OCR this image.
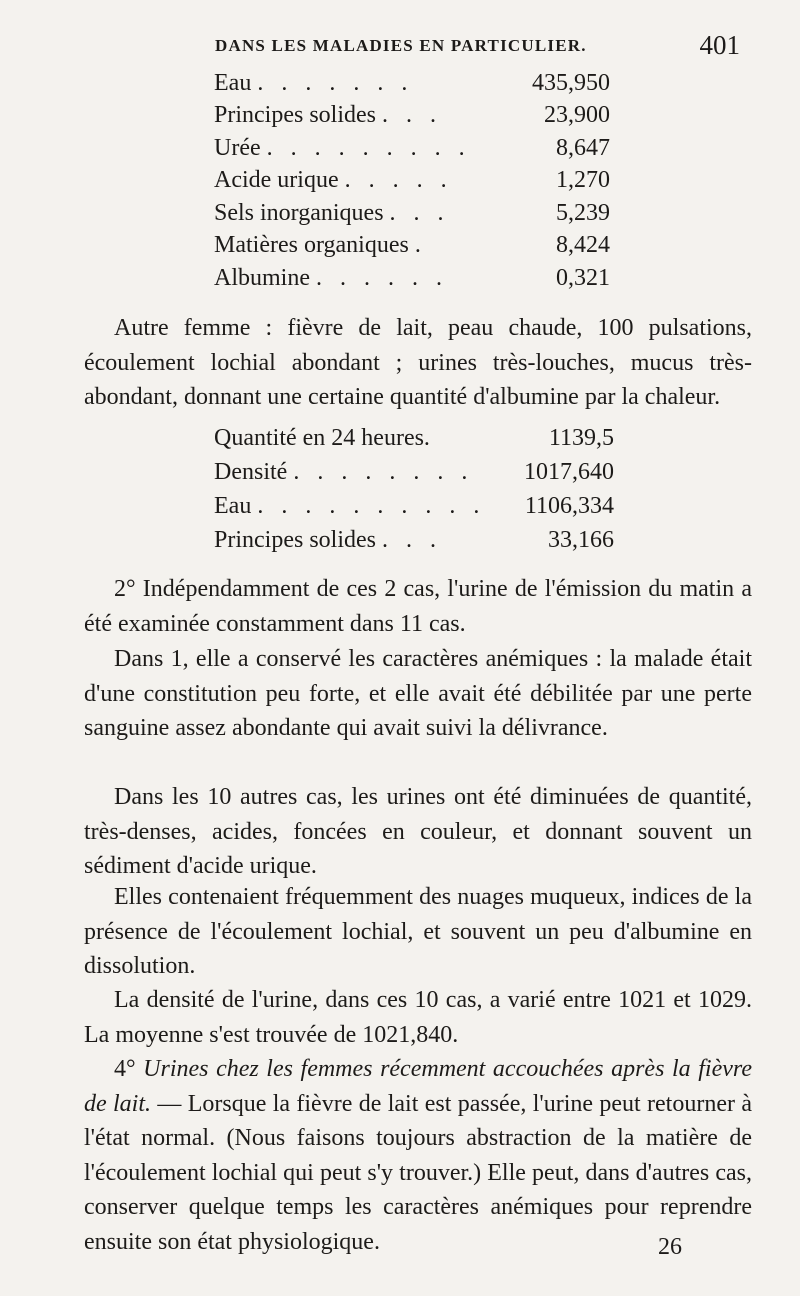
DANS LES MALADIES EN PARTICULIER.	401
Eau . . . . . . .	435,950
Principes solides . . .	23,900
Urée . . . . . . . . .	8,647
Acide urique . . . . .	1,270
Sels inorganiques . . .	5,239
Matières organiques .	8,424
Albumine . . . . . .	0,321

Autre femme : fièvre de lait, peau chaude, 100 pulsations, écoulement lochial abondant ; urines très-louches, mucus très-abondant, donnant une certaine quantité d'albumine par la chaleur.

Quantité en 24 heures.	1139,5
Densité . . . . . . . .	1017,640
Eau . . . . . . . . . .	1106,334
Principes solides . . .	33,166

2° Indépendamment de ces 2 cas, l'urine de l'émission du matin a été examinée constamment dans 11 cas.

Dans 1, elle a conservé les caractères anémiques : la malade était d'une constitution peu forte, et elle avait été débilitée par une perte sanguine assez abondante qui avait suivi la délivrance.

Dans les 10 autres cas, les urines ont été diminuées de quantité, très-denses, acides, foncées en couleur, et donnant souvent un sédiment d'acide urique.

Elles contenaient fréquemment des nuages muqueux, indices de la présence de l'écoulement lochial, et souvent un peu d'albumine en dissolution.

La densité de l'urine, dans ces 10 cas, a varié entre 1021 et 1029. La moyenne s'est trouvée de 1021,840.

4° Urines chez les femmes récemment accouchées après la fièvre de lait. — Lorsque la fièvre de lait est passée, l'urine peut retourner à l'état normal. (Nous faisons toujours abstraction de la matière de l'écoulement lochial qui peut s'y trouver.) Elle peut, dans d'autres cas, conserver quelque temps les caractères anémiques pour reprendre ensuite son état physiologique.	26
